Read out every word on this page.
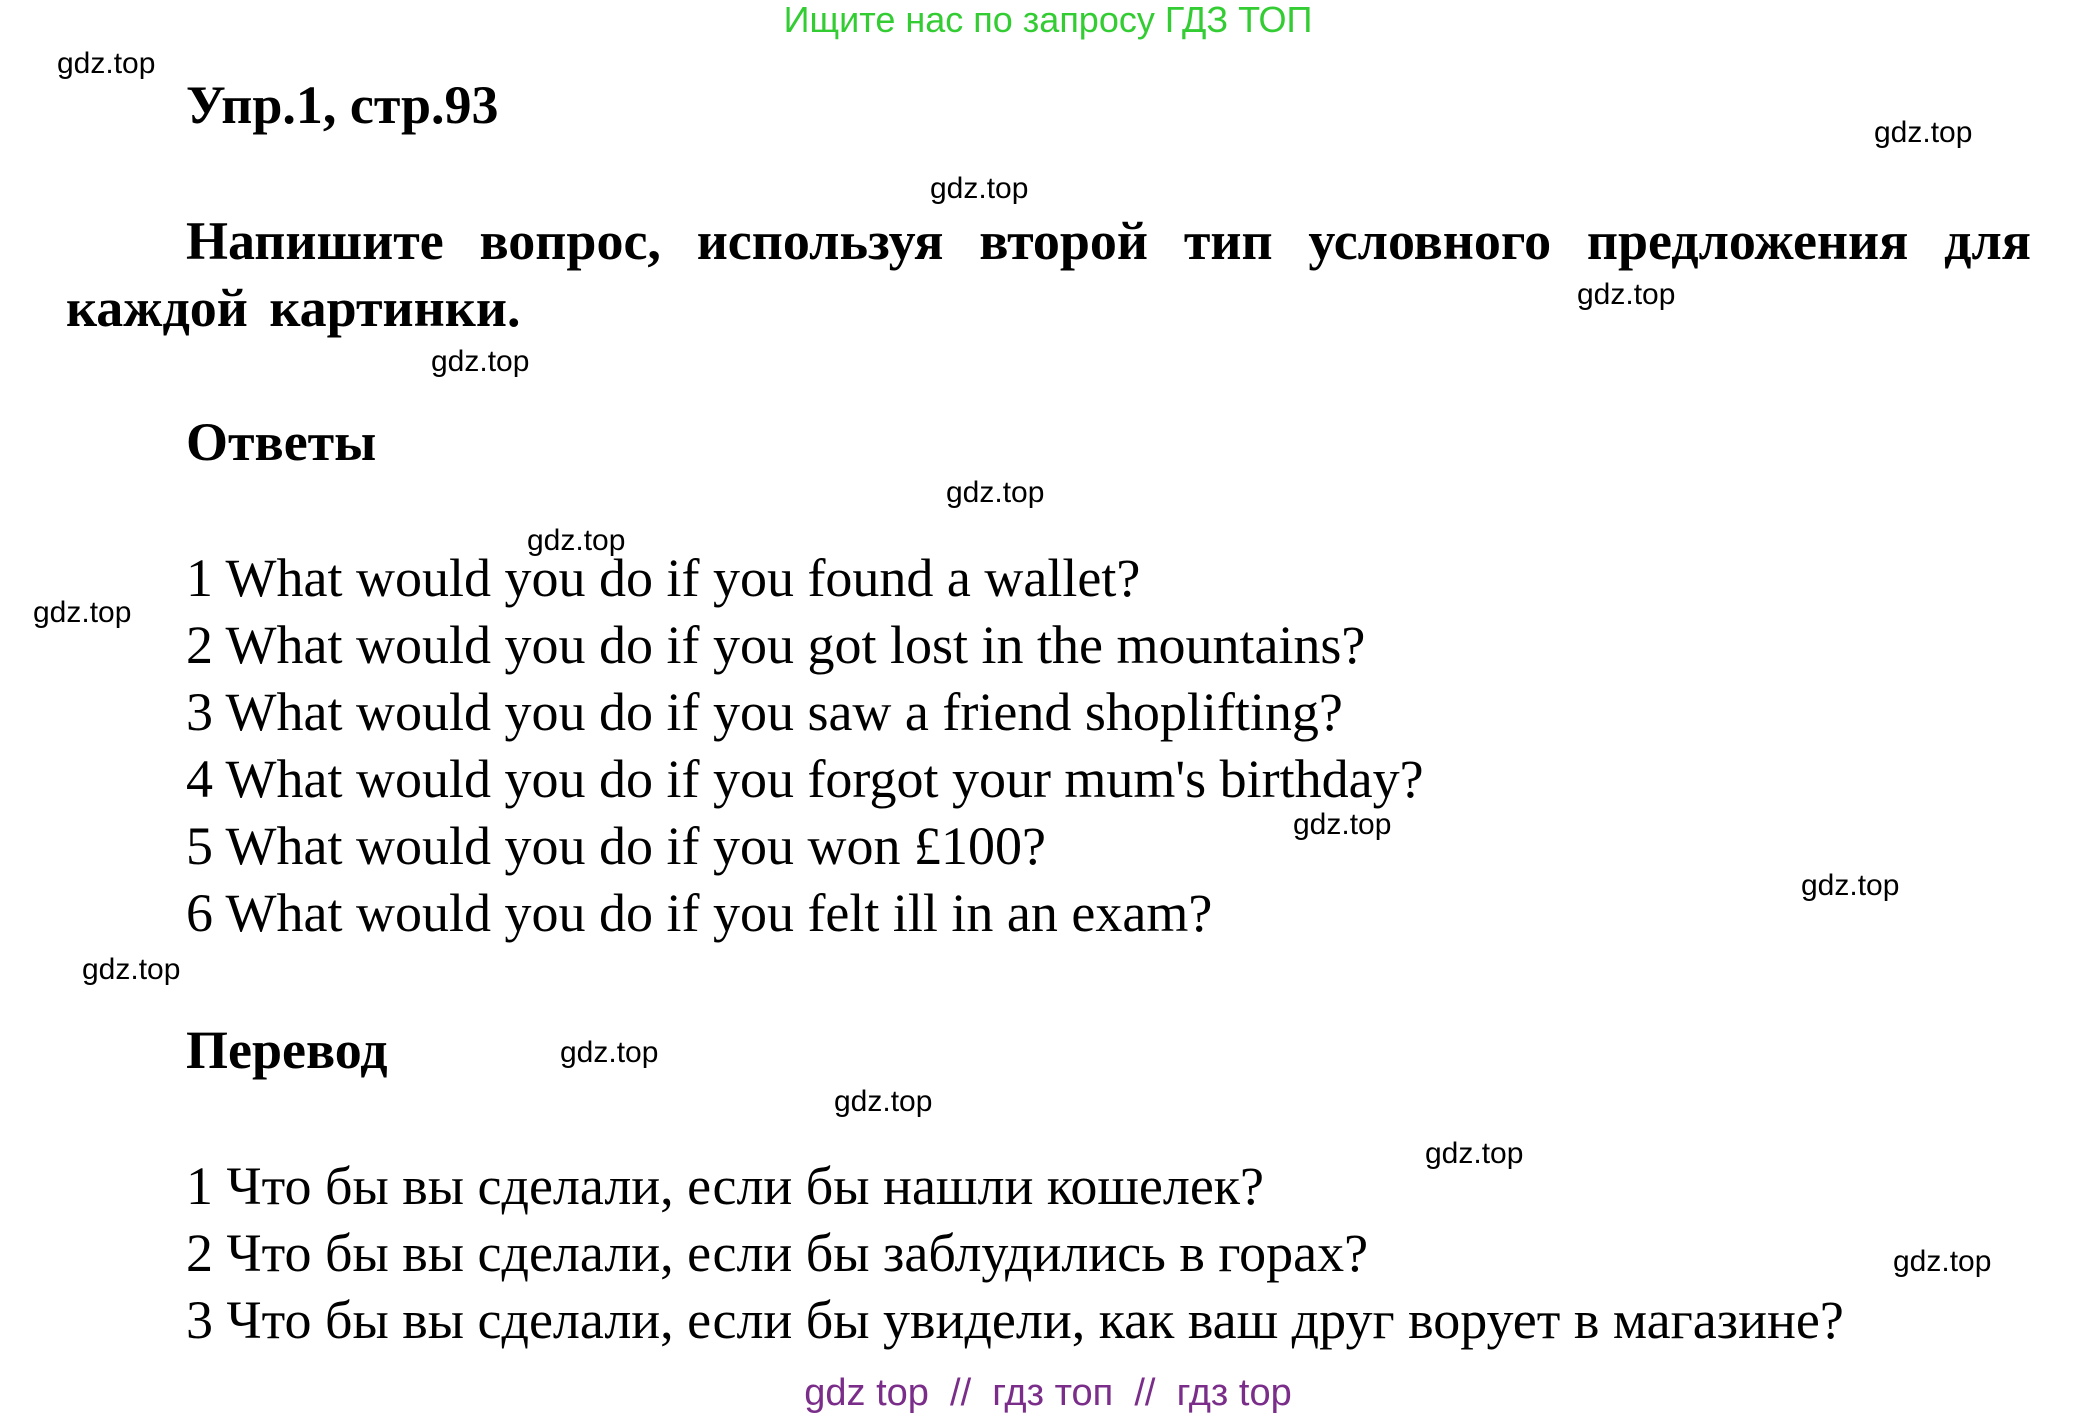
Ищите нас по запросу ГДЗ ТОП
Упр.1, стр.93
Напишите вопрос, используя второй тип условного предложения для каждой картинки.
Ответы
1 What would you do if you found a wallet?
2 What would you do if you got lost in the mountains?
3 What would you do if you saw a friend shoplifting?
4 What would you do if you forgot your mum's birthday?
5 What would you do if you won £100?
6 What would you do if you felt ill in an exam?
Перевод
1 Что бы вы сделали, если бы нашли кошелек?
2 Что бы вы сделали, если бы заблудились в горах?
3 Что бы вы сделали, если бы увидели, как ваш друг ворует в магазине?
gdz.top
gdz.top
gdz.top
gdz.top
gdz.top
gdz.top
gdz.top
gdz.top
gdz.top
gdz.top
gdz.top
gdz.top
gdz.top
gdz.top
gdz.top
gdz top  //  гдз топ  //  гдз top
